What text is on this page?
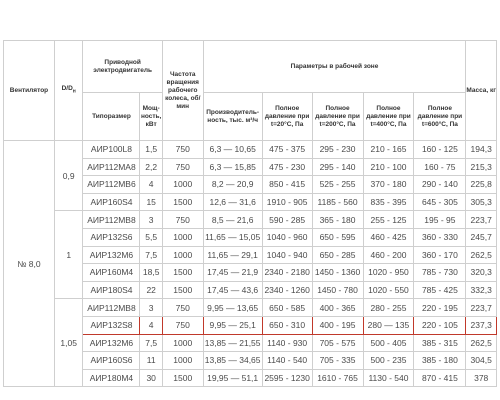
Вентилятор	$D/D_н$	Приводной электродвигатель		Частота вращения рабочего колеса, об/мин	Параметры в рабочей зоне					Масса, кг
		Типоразмер	Мощ-ность, кВт		Производитель-ность, тыс. м³/ч	Полное давление при t=20°C, Па	Полное давление при t=200°C, Па	Полное давление при t=400°C, Па	Полное давление при t=600°C, Па	
№ 8,0	0,9	АИР100L8	1,5	750	6,3 — 10,65	475 - 375	295 - 230	210 - 165	160 - 125	194,3
		АИР112МА8	2,2	750	6,3 — 15,85	475 - 230	295 - 140	210 - 100	160 - 75	215,3
		АИР112МВ6	4	1000	8,2 — 20,9	850 - 415	525 - 255	370 - 180	290 - 140	225,8
		АИР160S4	15	1500	12,6 — 31,6	1910 - 905	1185 - 560	835 - 395	645 - 305	305,3
	1	АИР112МВ8	3	750	8,5 — 21,6	590 - 285	365 - 180	255 - 125	195 - 95	223,7
		АИР132S6	5,5	1000	11,65 — 15,05	1040 - 960	650 - 595	460 - 425	360 - 330	245,7
		АИР132М6	7,5	1000	11,65 — 29,1	1040 - 940	650 - 285	460 - 200	360 - 170	262,5
		АИР160М4	18,5	1500	17,45 — 21,9	2340 - 2180	1450 - 1360	1020 - 950	785 - 730	320,3
		АИР180S4	22	1500	17,45 — 43,6	2340 - 1260	1450 - 780	1020 - 550	785 - 425	332,3
	1,05	АИР112МВ8	3	750	9,95 — 13,65	650 - 585	400 - 365	280 - 255	220 - 195	223,7
		АИР132S8	4	750	9,95 — 25,1	650 - 310	400 - 195	280 — 135	220 - 105	237,3
		АИР132М6	7,5	1000	13,85 — 21,55	1140 - 930	705 - 575	500 - 405	385 - 315	262,5
		АИР160S6	11	1000	13,85 — 34,65	1140 - 540	705 - 335	500 - 235	385 - 180	304,5
		АИР180М4	30	1500	19,95 — 51,1	2595 - 1230	1610 - 765	1130 - 540	870 - 415	378
